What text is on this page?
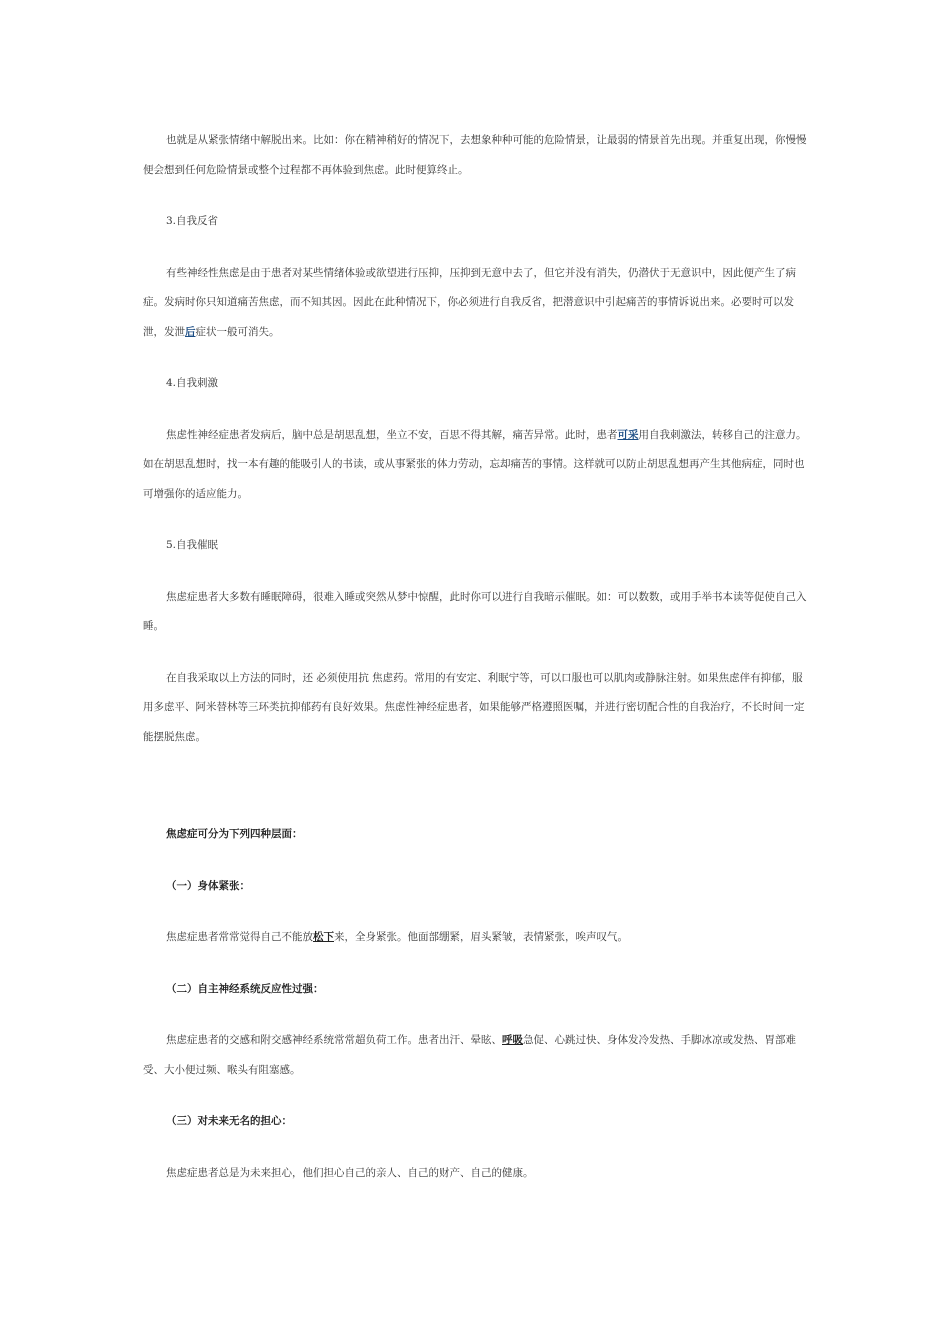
也就是从紧张情绪中解脱出来。比如：你在精神稍好的情况下，去想象种种可能的危险情景，让最弱的情景首先出现。并重复出现，你慢慢便会想到任何危险情景或整个过程都不再体验到焦虑。此时便算终止。

3.自我反省

有些神经性焦虑是由于患者对某些情绪体验或欲望进行压抑，压抑到无意中去了，但它并没有消失，仍潜伏于无意识中，因此便产生了病症。发病时你只知道痛苦焦虑，而不知其因。因此在此种情况下，你必须进行自我反省，把潜意识中引起痛苦的事情诉说出来。必要时可以发泄，发泄后症状一般可消失。

4.自我刺激

焦虑性神经症患者发病后，脑中总是胡思乱想，坐立不安，百思不得其解，痛苦异常。此时，患者可采用自我刺激法，转移自己的注意力。如在胡思乱想时，找一本有趣的能吸引人的书读，或从事紧张的体力劳动，忘却痛苦的事情。这样就可以防止胡思乱想再产生其他病症，同时也可增强你的适应能力。

5.自我催眠

焦虑症患者大多数有睡眠障碍，很难入睡或突然从梦中惊醒，此时你可以进行自我暗示催眠。如：可以数数，或用手举书本读等促使自己入睡。

在自我采取以上方法的同时，还 必须使用抗 焦虑药。常用的有安定、利眠宁等，可以口服也可以肌肉或静脉注射。如果焦虑伴有抑郁，服用多虑平、阿米替林等三环类抗抑郁药有良好效果。焦虑性神经症患者，如果能够严格遵照医嘱，并进行密切配合性的自我治疗，不长时间一定能摆脱焦虑。

焦虑症可分为下列四种层面：

（一）身体紧张：

焦虑症患者常常觉得自己不能放松下来，全身紧张。他面部绷紧，眉头紧皱，表情紧张，唉声叹气。

（二）自主神经系统反应性过强：

焦虑症患者的交感和附交感神经系统常常超负荷工作。患者出汗、晕眩、呼吸急促、心跳过快、身体发冷发热、手脚冰凉或发热、胃部难受、大小便过频、喉头有阻塞感。

（三）对未来无名的担心：

焦虑症患者总是为未来担心，他们担心自己的亲人、自己的财产、自己的健康。
